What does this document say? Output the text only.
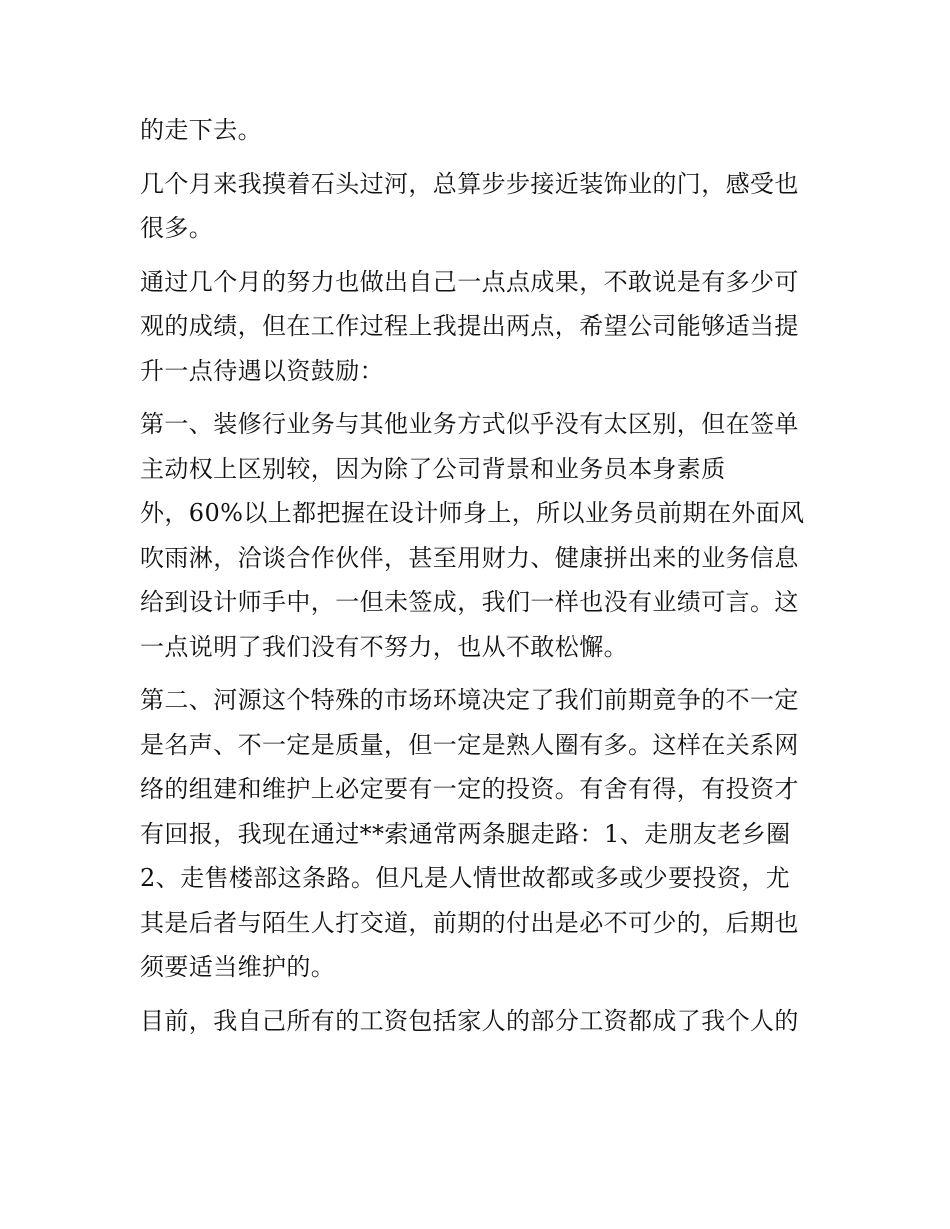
的走下去。
几个月来我摸着石头过河，总算步步接近装饰业的门，感受也
很多。
通过几个月的努力也做出自己一点点成果，不敢说是有多少可
观的成绩，但在工作过程上我提出两点，希望公司能够适当提
升一点待遇以资鼓励：
第一、装修行业务与其他业务方式似乎没有太区别，但在签单
主动权上区别较，因为除了公司背景和业务员本身素质
外，60%以上都把握在设计师身上，所以业务员前期在外面风
吹雨淋，洽谈合作伙伴，甚至用财力、健康拼出来的业务信息
给到设计师手中，一但未签成，我们一样也没有业绩可言。这
一点说明了我们没有不努力，也从不敢松懈。
第二、河源这个特殊的市场环境决定了我们前期竟争的不一定
是名声、不一定是质量，但一定是熟人圈有多。这样在关系网
络的组建和维护上必定要有一定的投资。有舍有得，有投资才
有回报，我现在通过**索通常两条腿走路：1、走朋友老乡圈
2、走售楼部这条路。但凡是人情世故都或多或少要投资，尤
其是后者与陌生人打交道，前期的付出是必不可少的，后期也
须要适当维护的。
目前，我自己所有的工资包括家人的部分工资都成了我个人的
